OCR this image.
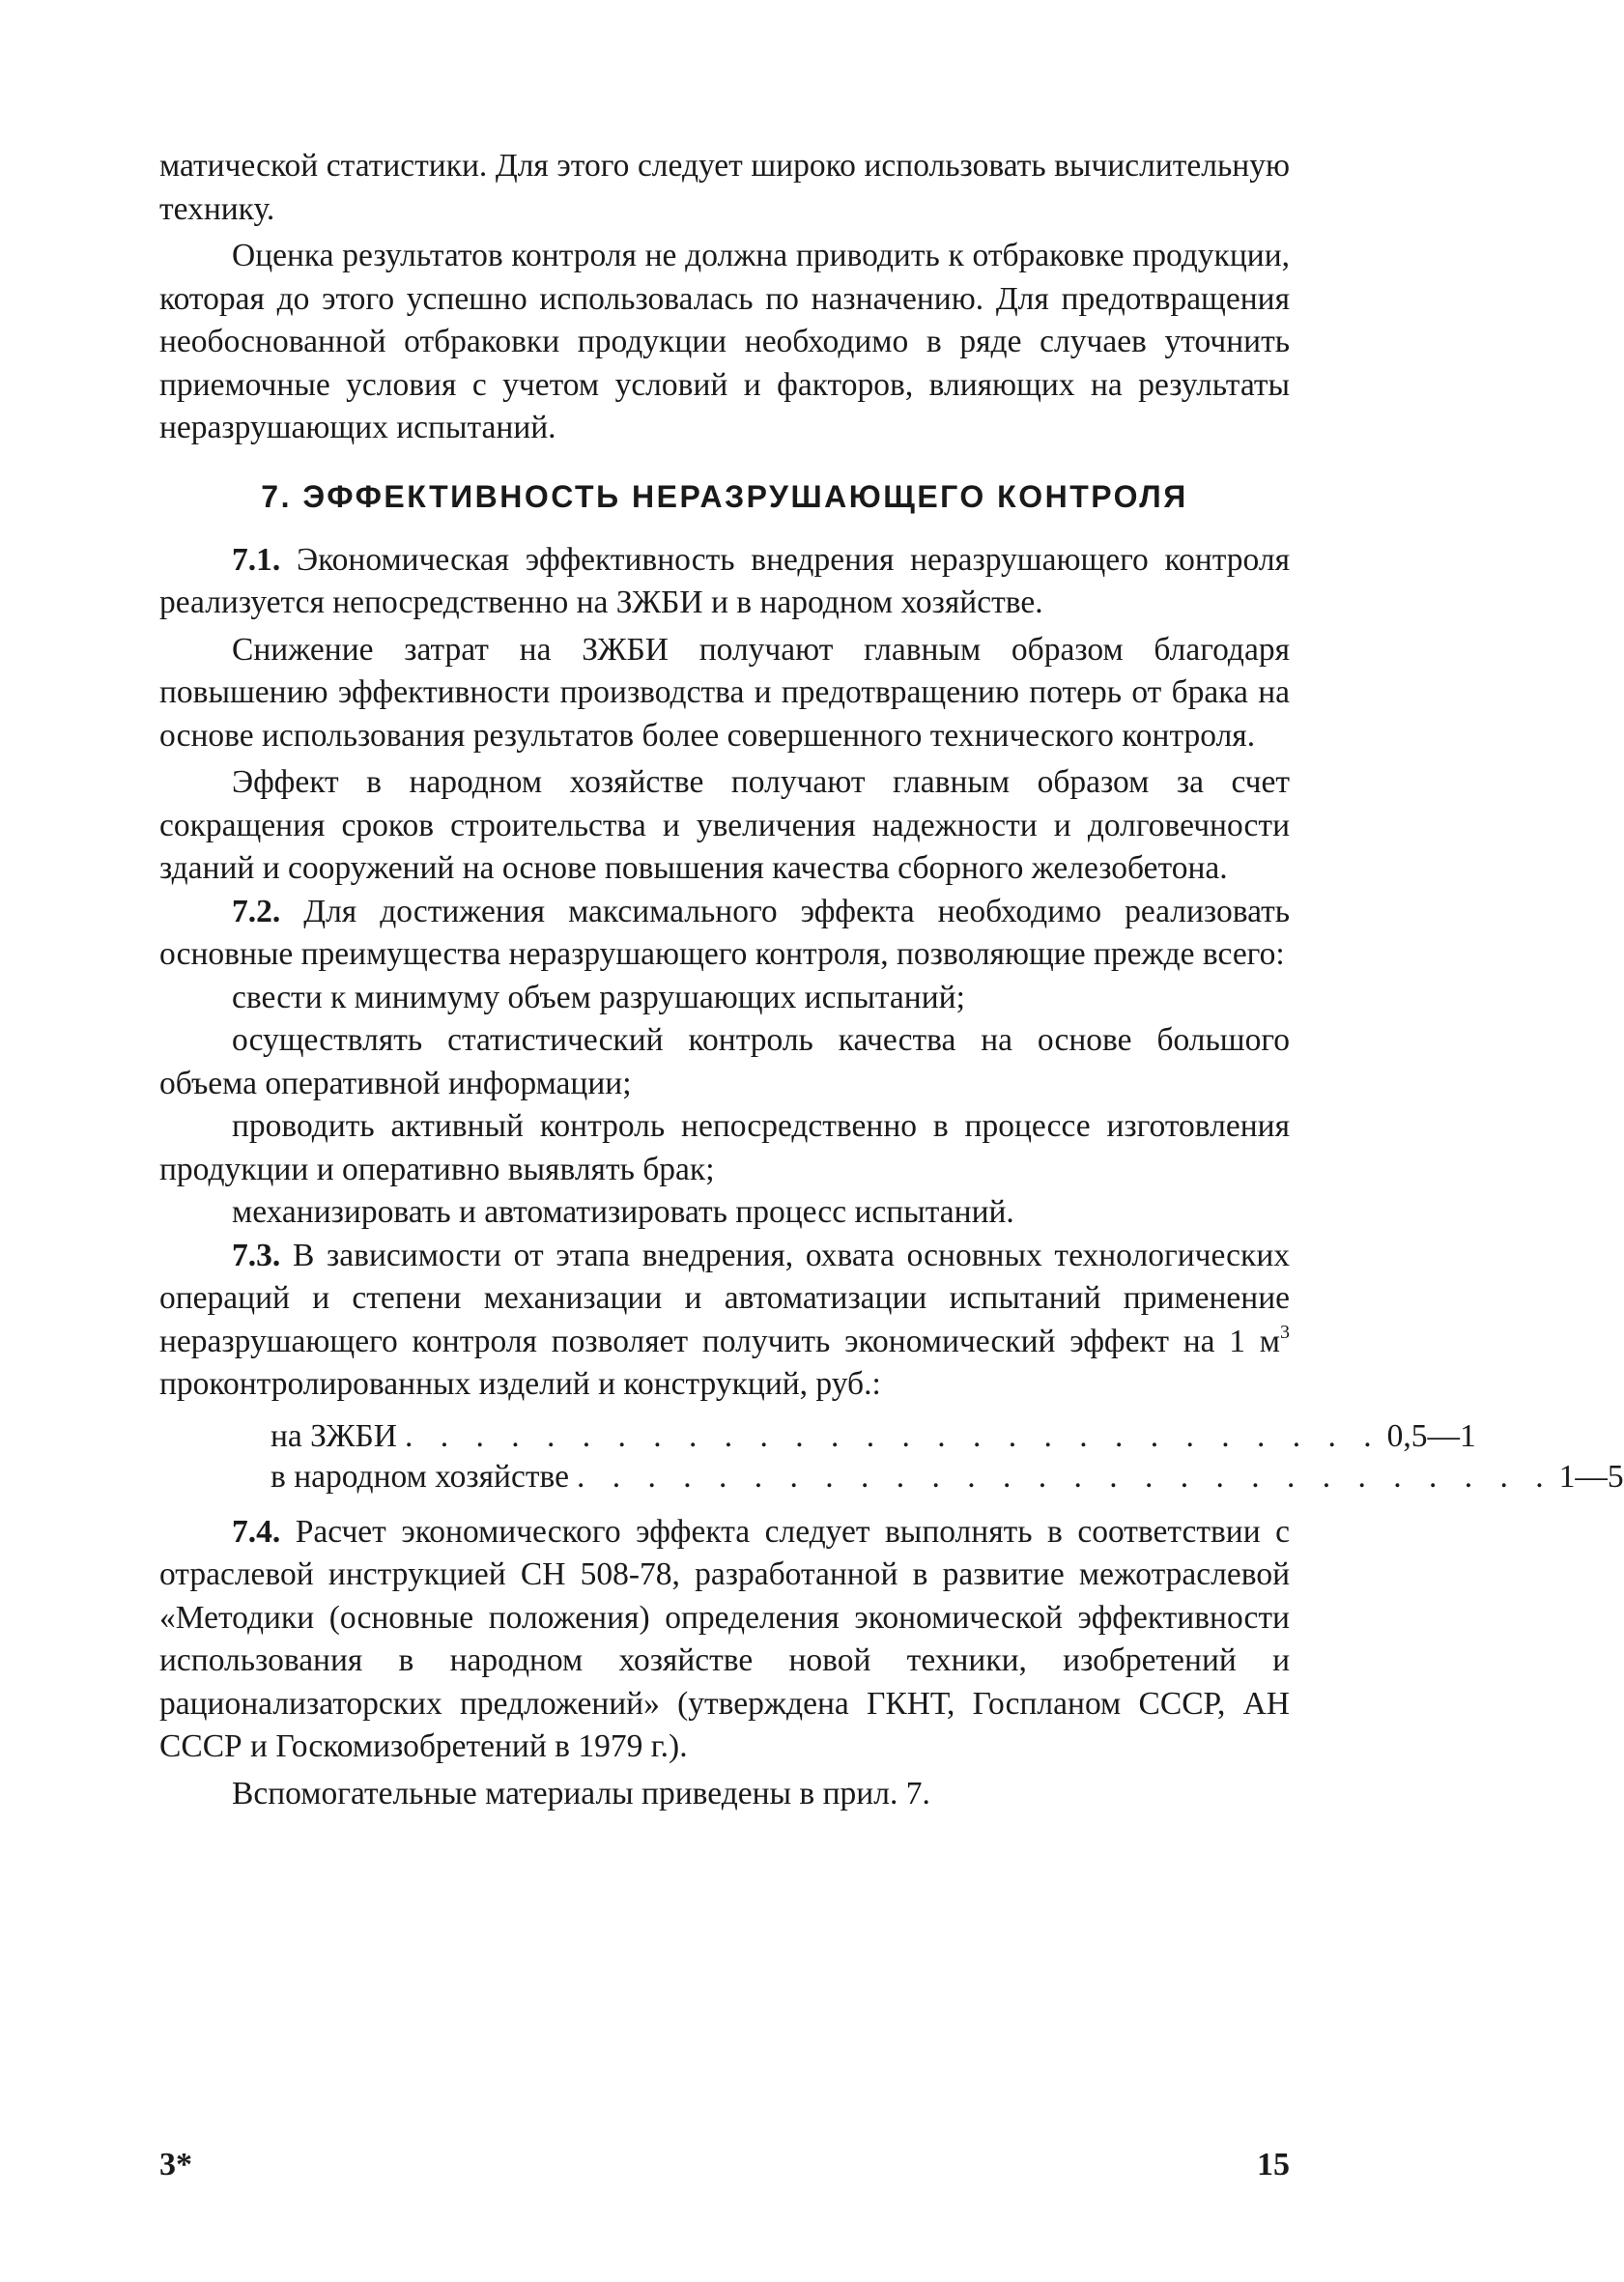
матической статистики. Для этого следует широко использовать вычислительную технику.

Оценка результатов контроля не должна приводить к отбраковке продукции, которая до этого успешно использовалась по назначению. Для предотвращения необоснованной отбраковки продукции необходимо в ряде случаев уточнить приемочные условия с учетом условий и факторов, влияющих на результаты неразрушающих испытаний.

7. ЭФФЕКТИВНОСТЬ НЕРАЗРУШАЮЩЕГО КОНТРОЛЯ

7.1. Экономическая эффективность внедрения неразрушающего контроля реализуется непосредственно на ЗЖБИ и в народном хозяйстве.

Снижение затрат на ЗЖБИ получают главным образом благодаря повышению эффективности производства и предотвращению потерь от брака на основе использования результатов более совершенного технического контроля.

Эффект в народном хозяйстве получают главным образом за счет сокращения сроков строительства и увеличения надежности и долговечности зданий и сооружений на основе повышения качества сборного железобетона.

7.2. Для достижения максимального эффекта необходимо реализовать основные преимущества неразрушающего контроля, позволяющие прежде всего:

свести к минимуму объем разрушающих испытаний;

осуществлять статистический контроль качества на основе большого объема оперативной информации;

проводить активный контроль непосредственно в процессе изготовления продукции и оперативно выявлять брак;

механизировать и автоматизировать процесс испытаний.

7.3. В зависимости от этапа внедрения, охвата основных технологических операций и степени механизации и автоматизации испытаний применение неразрушающего контроля позволяет получить экономический эффект на 1 $м^3$ проконтролированных изделий и конструкций, руб.:

на ЗЖБИ . . . . . . . . . . . . . . . . . . . . . . . . . . . . 0,5—1
в народном хозяйстве . . . . . . . . . . . . . . . . . . . . . . . . . . . . 1—5

7.4. Расчет экономического эффекта следует выполнять в соответствии с отраслевой инструкцией СН 508-78, разработанной в развитие межотраслевой «Методики (основные положения) определения экономической эффективности использования в народном хозяйстве новой техники, изобретений и рационализаторских предложений» (утверждена ГКНТ, Госпланом СССР, АН СССР и Госкомизобретений в 1979 г.).

Вспомогательные материалы приведены в прил. 7.

3*	15
